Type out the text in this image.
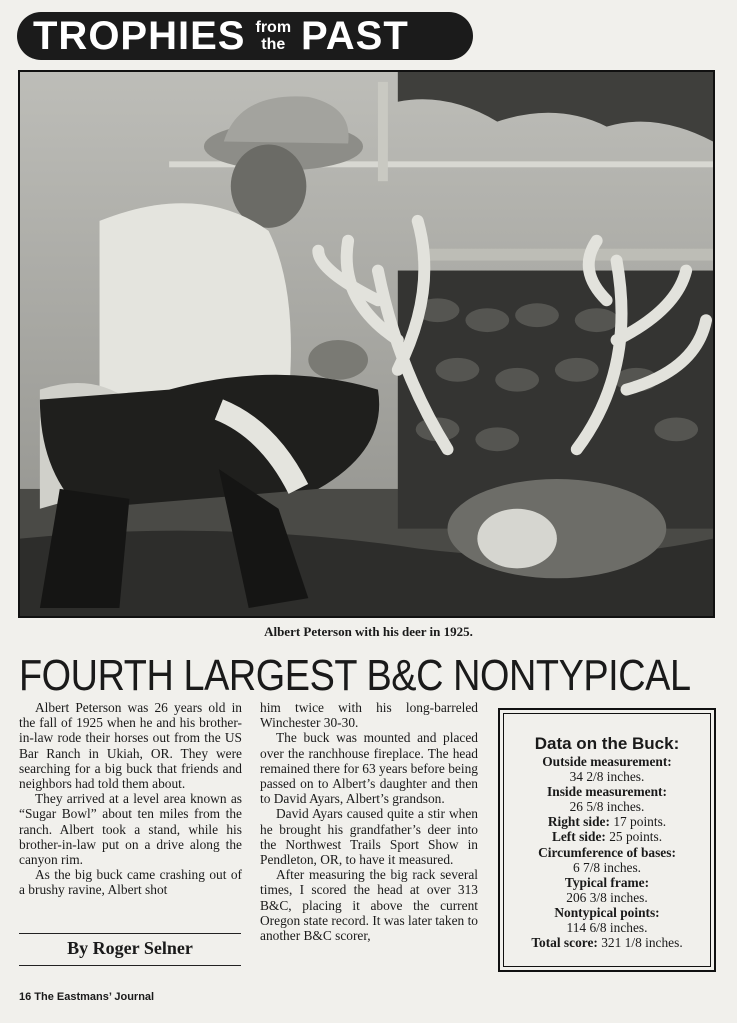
TROPHIES from
the PAST
Albert Peterson with his deer in 1925.
FOURTH LARGEST B&C NONTYPICAL

Albert Peterson was 26 years old in the fall of 1925 when he and his brother-in-law rode their horses out from the US Bar Ranch in Ukiah, OR. They were searching for a big buck that friends and neighbors had told them about.

They arrived at a level area known as “Sugar Bowl” about ten miles from the ranch. Albert took a stand, while his brother-in-law put on a drive along the canyon rim.

As the big buck came crashing out of a brushy ravine, Albert shot

By Roger Selner

him twice with his long-barreled Winchester 30-30.

The buck was mounted and placed over the ranchhouse fireplace. The head remained there for 63 years before being passed on to Albert’s daughter and then to David Ayars, Albert’s grandson.

David Ayars caused quite a stir when he brought his grandfather’s deer into the Northwest Trails Sport Show in Pendleton, OR, to have it measured.

After measuring the big rack several times, I scored the head at over 313 B&C, placing it above the current Oregon state record. It was later taken to another B&C scorer,

Data on the Buck:
Outside measurement:
34 2/8 inches.
Inside measurement:
26 5/8 inches.
Right side: 17 points.
Left side: 25 points.
Circumference of bases:
6 7/8 inches.
Typical frame:
206 3/8 inches.
Nontypical points:
114 6/8 inches.
Total score: 321 1/8 inches.
16 The Eastmans’ Journal
